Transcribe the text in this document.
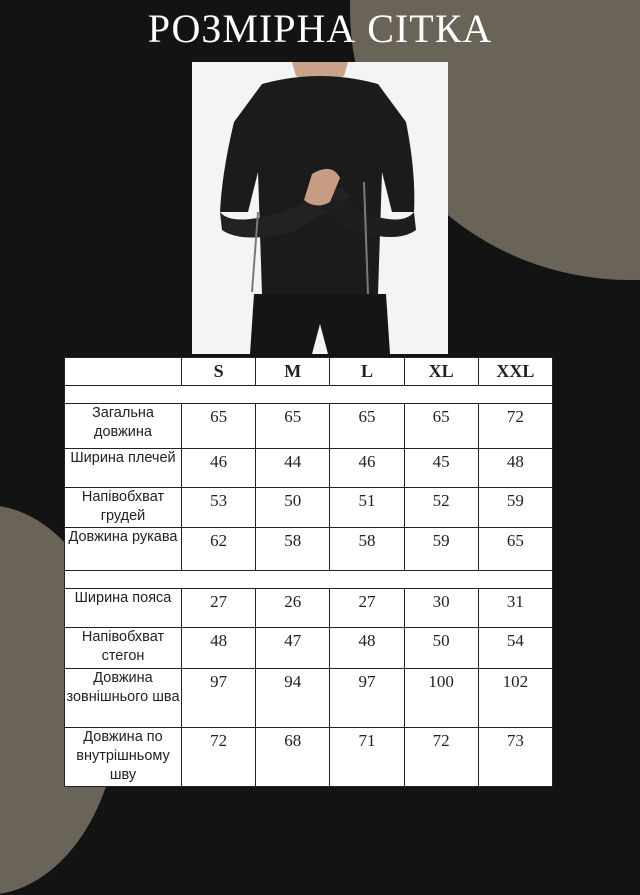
РОЗМІРНА СІТКА
	S	M	L	XL	XXL

Загальна довжина	65	65	65	65	72
Ширина плечей	46	44	46	45	48
Напівобхват грудей	53	50	51	52	59
Довжина рукава	62	58	58	59	65

Ширина пояса	27	26	27	30	31
Напівобхват стегон	48	47	48	50	54
Довжина зовнішнього шва	97	94	97	100	102
Довжина по внутрішньому шву	72	68	71	72	73
